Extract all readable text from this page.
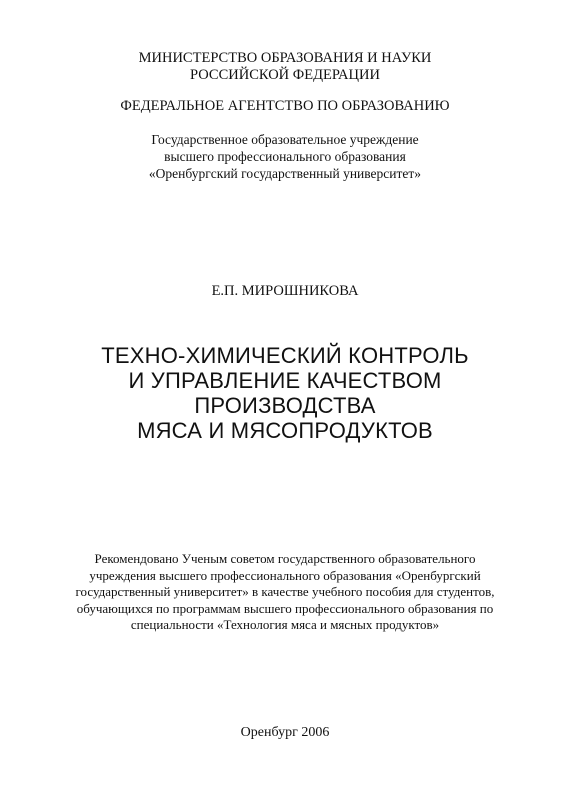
МИНИСТЕРСТВО ОБРАЗОВАНИЯ И НАУКИ
РОССИЙСКОЙ ФЕДЕРАЦИИ
ФЕДЕРАЛЬНОЕ АГЕНТСТВО ПО ОБРАЗОВАНИЮ
Государственное образовательное учреждение
высшего профессионального образования
«Оренбургский государственный университет»
Е.П. МИРОШНИКОВА
ТЕХНО-ХИМИЧЕСКИЙ КОНТРОЛЬ
И УПРАВЛЕНИЕ КАЧЕСТВОМ
ПРОИЗВОДСТВА
МЯСА И МЯСОПРОДУКТОВ
Рекомендовано Ученым советом государственного образовательного
учреждения высшего профессионального образования «Оренбургский
государственный университет» в качестве учебного пособия для студентов,
обучающихся по программам высшего профессионального образования по
специальности «Технология мяса и мясных продуктов»
Оренбург 2006
